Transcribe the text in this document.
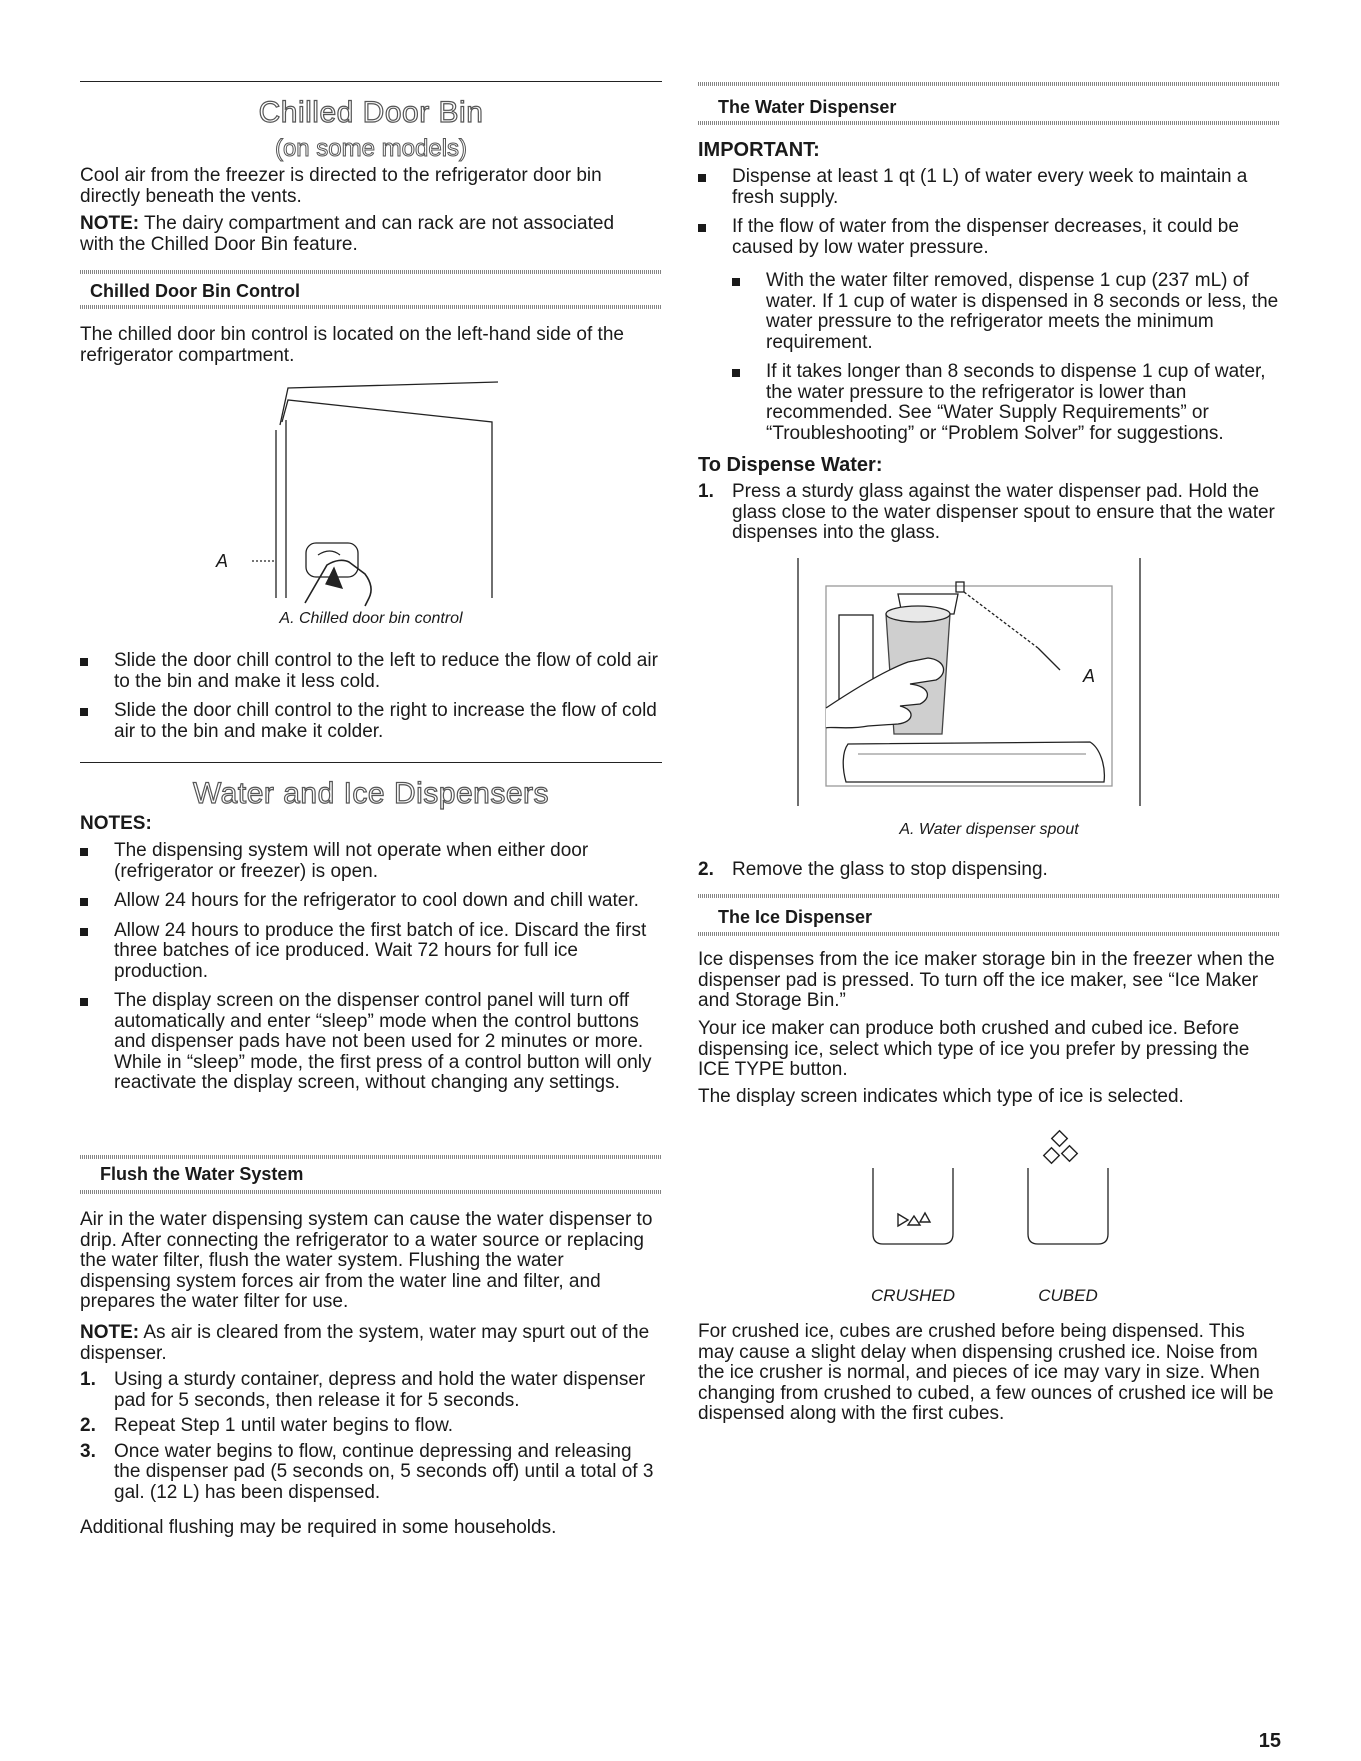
Chilled Door Bin
(on some models)

Cool air from the freezer is directed to the refrigerator door bin directly beneath the vents.

NOTE: The dairy compartment and can rack are not associated with the Chilled Door Bin feature.

Chilled Door Bin Control

The chilled door bin control is located on the left-hand side of the refrigerator compartment.

A
A. Chilled door bin control
Slide the door chill control to the left to reduce the flow of cold air to the bin and make it less cold.
Slide the door chill control to the right to increase the flow of cold air to the bin and make it colder.
Water and Ice Dispensers
NOTES:
The dispensing system will not operate when either door (refrigerator or freezer) is open.
Allow 24 hours for the refrigerator to cool down and chill water.
Allow 24 hours to produce the first batch of ice. Discard the first three batches of ice produced. Wait 72 hours for full ice production.
The display screen on the dispenser control panel will turn off automatically and enter “sleep” mode when the control buttons and dispenser pads have not been used for 2 minutes or more. While in “sleep” mode, the first press of a control button will only reactivate the display screen, without changing any settings.
Flush the Water System

Air in the water dispensing system can cause the water dispenser to drip. After connecting the refrigerator to a water source or replacing the water filter, flush the water system. Flushing the water dispensing system forces air from the water line and filter, and prepares the water filter for use.

NOTE: As air is cleared from the system, water may spurt out of the dispenser.

1. Using a sturdy container, depress and hold the water dispenser pad for 5 seconds, then release it for 5 seconds.
2. Repeat Step 1 until water begins to flow.
3. Once water begins to flow, continue depressing and releasing the dispenser pad (5 seconds on, 5 seconds off) until a total of 3 gal. (12 L) has been dispensed.

Additional flushing may be required in some households.

The Water Dispenser
IMPORTANT:
Dispense at least 1 qt (1 L) of water every week to maintain a fresh supply.
If the flow of water from the dispenser decreases, it could be caused by low water pressure.
With the water filter removed, dispense 1 cup (237 mL) of water. If 1 cup of water is dispensed in 8 seconds or less, the water pressure to the refrigerator meets the minimum requirement.
If it takes longer than 8 seconds to dispense 1 cup of water, the water pressure to the refrigerator is lower than recommended. See “Water Supply Requirements” or “Troubleshooting” or “Problem Solver” for suggestions.
To Dispense Water:
1. Press a sturdy glass against the water dispenser pad. Hold the glass close to the water dispenser spout to ensure that the water dispenses into the glass.
A
A. Water dispenser spout
2. Remove the glass to stop dispensing.
The Ice Dispenser

Ice dispenses from the ice maker storage bin in the freezer when the dispenser pad is pressed. To turn off the ice maker, see “Ice Maker and Storage Bin.”

Your ice maker can produce both crushed and cubed ice. Before dispensing ice, select which type of ice you prefer by pressing the ICE TYPE button.

The display screen indicates which type of ice is selected.

CRUSHED	CUBED

For crushed ice, cubes are crushed before being dispensed. This may cause a slight delay when dispensing crushed ice. Noise from the ice crusher is normal, and pieces of ice may vary in size. When changing from crushed to cubed, a few ounces of crushed ice will be dispensed along with the first cubes.

15
